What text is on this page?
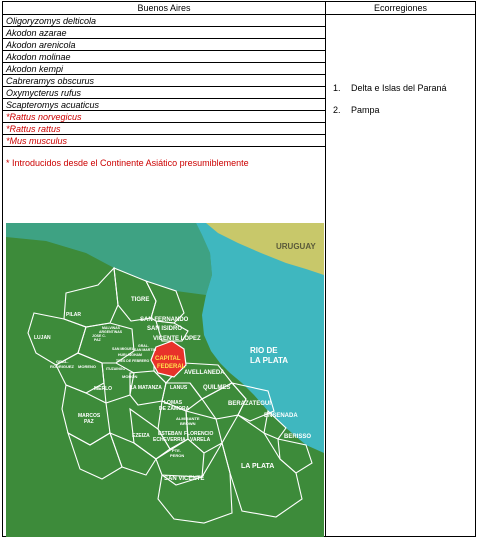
Buenos Aires	Ecorregiones
Oligoryzomys delticola
Akodon azarae
Akodon arenicola
Akodon molinae
Akodon kempi
Cabreramys obscurus
Oxymycterus rufus
Scapteromys acuaticus
*Rattus norvegicus
*Rattus rattus
*Mus musculus
* Introducidos desde el Continente Asiático presumiblemente
1. Delta e Islas del Paraná
2. Pampa
URUGUAY
RIO DE LA PLATA
CAPITAL FEDERAL
TIGRE
SAN FERNANDO
SAN ISIDRO
VICENTE LOPEZ
AVELLANEDA
LANUS	QUILMES
BERAZATEGUI
ENSENADA
BERISSO
LA PLATA
PILAR
LUJAN
GRAL. RODRIGUEZ MORENO
MERLO	LA MATANZA
LOMAS DE ZAMORA
ALMIRANTE BROWN
ESTEBAN ECHEVERRIA
FLORENCIO VARELA
EZEIZA
PTE. PERON
SAN VICENTE
MARCOS PAZ
MORON
SAN MIGUEL
GRAL. SAN MARTIN
MALVINAS ARGENTINAS
JOSE C. PAZ
TRES DE FEBRERO
ITUZAINGO
HURLINGHAM
